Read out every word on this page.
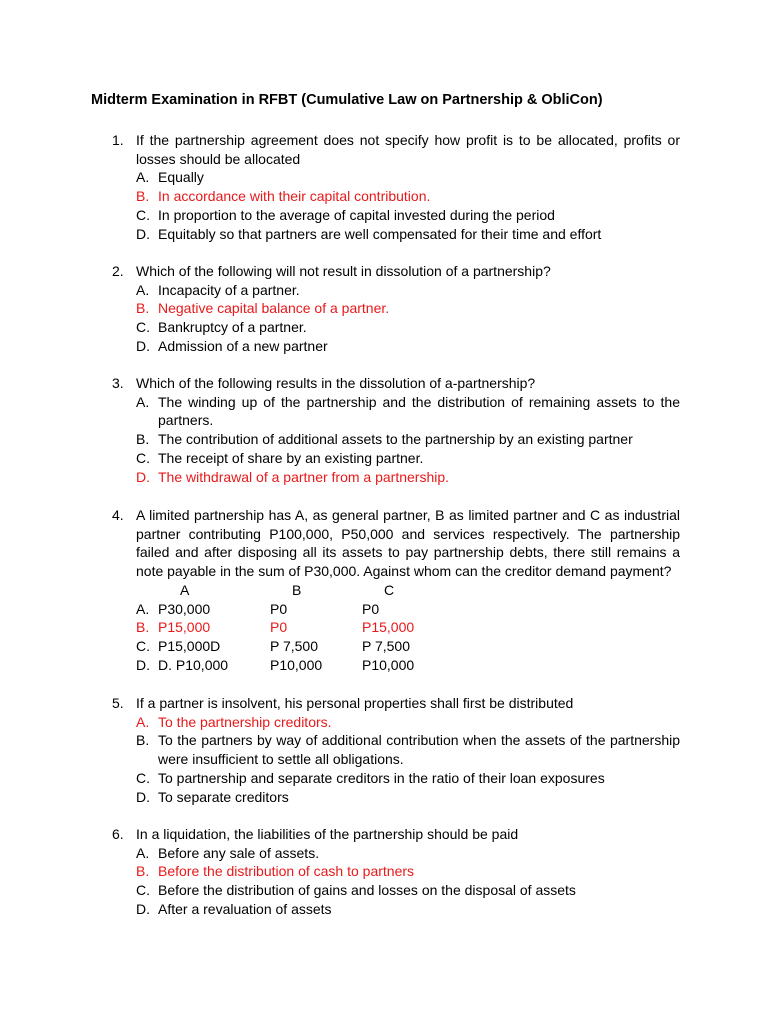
Midterm Examination in RFBT (Cumulative Law on Partnership & ObliCon)
1. If the partnership agreement does not specify how profit is to be allocated, profits or losses should be allocated
A. Equally
B. In accordance with their capital contribution.
C. In proportion to the average of capital invested during the period
D. Equitably so that partners are well compensated for their time and effort
2. Which of the following will not result in dissolution of a partnership?
A. Incapacity of a partner.
B. Negative capital balance of a partner.
C. Bankruptcy of a partner.
D. Admission of a new partner
3. Which of the following results in the dissolution of a-partnership?
A. The winding up of the partnership and the distribution of remaining assets to the partners.
B. The contribution of additional assets to the partnership by an existing partner
C. The receipt of share by an existing partner.
D. The withdrawal of a partner from a partnership.
4. A limited partnership has A, as general partner, B as limited partner and C as industrial partner contributing P100,000, P50,000 and services respectively. The partnership failed and after disposing all its assets to pay partnership debts, there still remains a note payable in the sum of P30,000. Against whom can the creditor demand payment?
A	B	C
A. P30,000	P0	P0
B. P15,000	P0	P15,000
C. P15,000D	P 7,500	P 7,500
D. D. P10,000	P10,000	P10,000
5. If a partner is insolvent, his personal properties shall first be distributed
A. To the partnership creditors.
B. To the partners by way of additional contribution when the assets of the partnership were insufficient to settle all obligations.
C. To partnership and separate creditors in the ratio of their loan exposures
D. To separate creditors
6. In a liquidation, the liabilities of the partnership should be paid
A. Before any sale of assets.
B. Before the distribution of cash to partners
C. Before the distribution of gains and losses on the disposal of assets
D. After a revaluation of assets
